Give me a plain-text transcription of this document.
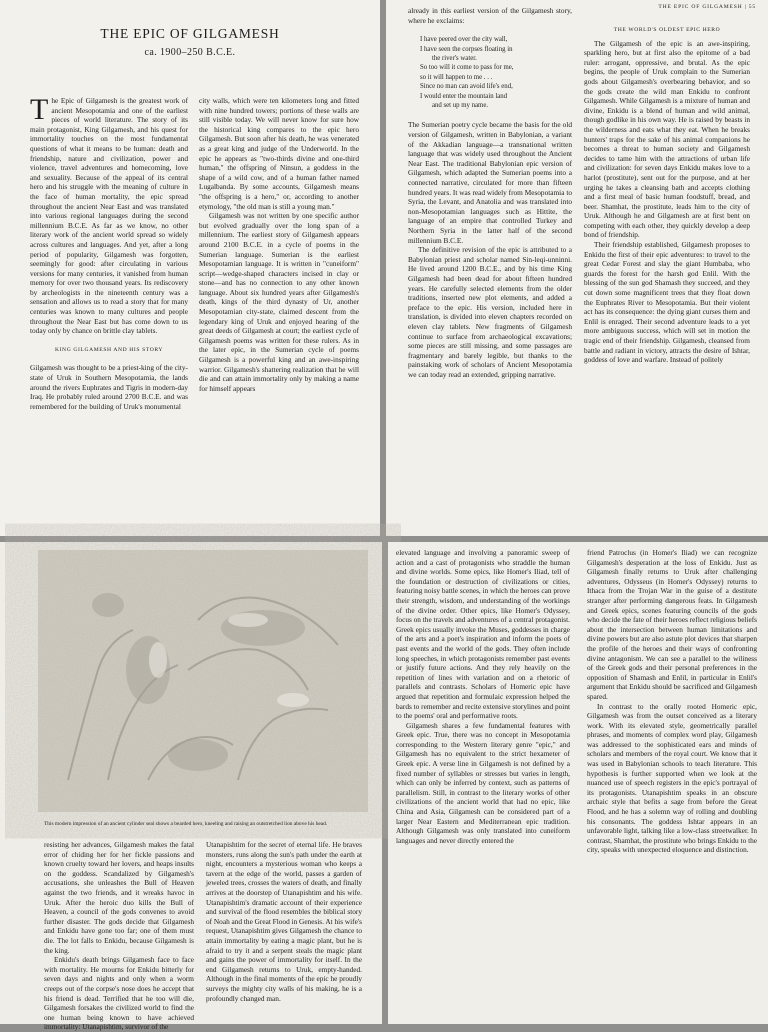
THE EPIC OF GILGAMESH
ca. 1900–250 B.C.E.

The Epic of Gilgamesh is the greatest work of ancient Mesopotamia and one of the earliest pieces of world literature. The story of its main protagonist, King Gilgamesh, and his quest for immortality touches on the most fundamental questions of what it means to be human: death and friendship, nature and civilization, power and violence, travel adventures and homecoming, love and sexuality. Because of the appeal of its central hero and his struggle with the meaning of culture in the face of human mortality, the epic spread throughout the ancient Near East and was translated into various regional languages during the second millennium B.C.E. As far as we know, no other literary work of the ancient world spread so widely across cultures and languages. And yet, after a long period of popularity, Gilgamesh was forgotten, seemingly for good: after circulating in various versions for many centuries, it vanished from human memory for over two thousand years. Its rediscovery by archeologists in the nineteenth century was a sensation and allows us to read a story that for many centuries was known to many cultures and people throughout the Near East but has come down to us today only by chance on brittle clay tablets.

KING GILGAMESH AND HIS STORY

Gilgamesh was thought to be a priest-king of the city-state of Uruk in Southern Mesopotamia, the lands around the rivers Euphrates and Tigris in modern-day Iraq. He probably ruled around 2700 B.C.E. and was remembered for the building of Uruk's monumental

city walls, which were ten kilometers long and fitted with nine hundred towers; portions of these walls are still visible today. We will never know for sure how the historical king compares to the epic hero Gilgamesh. But soon after his death, he was venerated as a great king and judge of the Underworld. In the epic he appears as "two-thirds divine and one-third human," the offspring of Ninsun, a goddess in the shape of a wild cow, and of a human father named Lugalbanda. By some accounts, Gilgamesh means "the offspring is a hero," or, according to another etymology, "the old man is still a young man."

Gilgamesh was not written by one specific author but evolved gradually over the long span of a millennium. The earliest story of Gilgamesh appears around 2100 B.C.E. in a cycle of poems in the Sumerian language. Sumerian is the earliest Mesopotamian language. It is written in "cuneiform" script—wedge-shaped characters incised in clay or stone—and has no connection to any other known language. About six hundred years after Gilgamesh's death, kings of the third dynasty of Ur, another Mesopotamian city-state, claimed descent from the legendary king of Uruk and enjoyed hearing of the great deeds of Gilgamesh at court; the earliest cycle of Gilgamesh poems was written for these rulers. As in the later epic, in the Sumerian cycle of poems Gilgamesh is a powerful king and an awe-inspiring warrior. Gilgamesh's shattering realization that he will die and can attain immortality only by making a name for himself appears

THE EPIC OF GILGAMESH | 55

already in this earliest version of the Gilgamesh story, where he exclaims:

I have peered over the city wall,
I have seen the corpses floating in
the river's water.
So too will it come to pass for me,
so it will happen to me . . .
Since no man can avoid life's end,
I would enter the mountain land
and set up my name.

The Sumerian poetry cycle became the basis for the old version of Gilgamesh, written in Babylonian, a variant of the Akkadian language—a transnational written language that was widely used throughout the Ancient Near East. The traditional Babylonian epic version of Gilgamesh, which adapted the Sumerian poems into a connected narrative, circulated for more than fifteen hundred years. It was read widely from Mesopotamia to Syria, the Levant, and Anatolia and was translated into non-Mesopotamian languages such as Hittite, the language of an empire that controlled Turkey and Northern Syria in the latter half of the second millennium B.C.E.

The definitive revision of the epic is attributed to a Babylonian priest and scholar named Sin-leqi-unninni. He lived around 1200 B.C.E., and by his time King Gilgamesh had been dead for about fifteen hundred years. He carefully selected elements from the older traditions, inserted new plot elements, and added a preface to the epic. His version, included here in translation, is divided into eleven chapters recorded on eleven clay tablets. New fragments of Gilgamesh continue to surface from archaeological excavations; some pieces are still missing, and some passages are fragmentary and barely legible, but thanks to the painstaking work of scholars of Ancient Mesopotamia we can today read an extended, gripping narrative.

THE WORLD'S OLDEST EPIC HERO

The Gilgamesh of the epic is an awe-inspiring, sparkling hero, but at first also the epitome of a bad ruler: arrogant, oppressive, and brutal. As the epic begins, the people of Uruk complain to the Sumerian gods about Gilgamesh's overbearing behavior, and so the gods create the wild man Enkidu to confront Gilgamesh. While Gilgamesh is a mixture of human and divine, Enkidu is a blend of human and wild animal, though godlike in his own way. He is raised by beasts in the wilderness and eats what they eat. When he breaks hunters' traps for the sake of his animal companions he becomes a threat to human society and Gilgamesh decides to tame him with the attractions of urban life and civilization: for seven days Enkidu makes love to a harlot (prostitute), sent out for the purpose, and at her urging he takes a cleansing bath and accepts clothing and a first meal of basic human foodstuff, bread, and beer. Shamhat, the prostitute, leads him to the city of Uruk. Although he and Gilgamesh are at first bent on competing with each other, they quickly develop a deep bond of friendship.

Their friendship established, Gilgamesh proposes to Enkidu the first of their epic adventures: to travel to the great Cedar Forest and slay the giant Humbaba, who guards the forest for the harsh god Enlil. With the blessing of the sun god Shamash they succeed, and they cut down some magnificent trees that they float down the Euphrates River to Mesopotamia. But their violent act has its consequence: the dying giant curses them and Enlil is enraged. Their second adventure leads to a yet more ambiguous success, which will set in motion the tragic end of their friendship. Gilgamesh, cleansed from battle and radiant in victory, attracts the desire of Ishtar, goddess of love and warfare. Instead of politely

This modern impression of an ancient cylinder seal shows a bearded hero, kneeling and raising an outstretched lion above his head.

resisting her advances, Gilgamesh makes the fatal error of chiding her for her fickle passions and known cruelty toward her lovers, and heaps insults on the goddess. Scandalized by Gilgamesh's accusations, she unleashes the Bull of Heaven against the two friends, and it wreaks havoc in Uruk. After the heroic duo kills the Bull of Heaven, a council of the gods convenes to avoid further disaster. The gods decide that Gilgamesh and Enkidu have gone too far; one of them must die. The lot falls to Enkidu, because Gilgamesh is the king.

Enkidu's death brings Gilgamesh face to face with mortality. He mourns for Enkidu bitterly for seven days and nights and only when a worm creeps out of the corpse's nose does he accept that his friend is dead. Terrified that he too will die, Gilgamesh forsakes the civilized world to find the one human being known to have achieved immortality: Utanapishtim, survivor of the

Utanapishtim for the secret of eternal life. He braves monsters, runs along the sun's path under the earth at night, encounters a mysterious woman who keeps a tavern at the edge of the world, passes a garden of jeweled trees, crosses the waters of death, and finally arrives at the doorstep of Utanapishtim and his wife. Utanapishtim's dramatic account of their experience and survival of the flood resembles the biblical story of Noah and the Great Flood in Genesis. At his wife's request, Utanapishtim gives Gilgamesh the chance to attain immortality by eating a magic plant, but he is afraid to try it and a serpent steals the magic plant and gains the power of immortality for itself. In the end Gilgamesh returns to Uruk, empty-handed. Although in the final moments of the epic he proudly surveys the mighty city walls of his making, he is a profoundly changed man.

elevated language and involving a panoramic sweep of action and a cast of protagonists who straddle the human and divine worlds. Some epics, like Homer's Iliad, tell of the foundation or destruction of civilizations or cities, featuring noisy battle scenes, in which the heroes can prove their strength, wisdom, and understanding of the workings of the divine order. Other epics, like Homer's Odyssey, focus on the travels and adventures of a central protagonist. Greek epics usually invoke the Muses, goddesses in charge of the arts and a poet's inspiration and inform the poets of past events and the world of the gods. They often include long speeches, in which protagonists remember past events or justify future actions. And they rely heavily on the repetition of lines with variation and on a rhetoric of parallels and contrasts. Scholars of Homeric epic have argued that repetition and formulaic expression helped the bards to remember and recite extensive storylines and point to the poems' oral and performative roots.

Gilgamesh shares a few fundamental features with Greek epic. True, there was no concept in Mesopotamia corresponding to the Western literary genre "epic," and Gilgamesh has no equivalent to the strict hexameter of Greek epic. A verse line in Gilgamesh is not defined by a fixed number of syllables or stresses but varies in length, which can only be inferred by context, such as patterns of parallelism. Still, in contrast to the literary works of other civilizations of the ancient world that had no epic, like China and Asia, Gilgamesh can be considered part of a larger Near Eastern and Mediterranean epic tradition. Although Gilgamesh was only translated into cuneiform languages and never directly entered the

friend Patroclus (in Homer's Iliad) we can recognize Gilgamesh's desperation at the loss of Enkidu. Just as Gilgamesh finally returns to Uruk after challenging adventures, Odysseus (in Homer's Odyssey) returns to Ithaca from the Trojan War in the guise of a destitute stranger after performing dangerous feats. In Gilgamesh and Greek epics, scenes featuring councils of the gods who decide the fate of their heroes reflect religious beliefs about the intersection between human limitations and divine powers but are also astute plot devices that sharpen the profile of the heroes and their ways of confronting divine antagonism. We can see a parallel to the wiliness of the Greek gods and their personal preferences in the opposition of Shamash and Enlil, in particular in Enlil's argument that Enkidu should be sacrificed and Gilgamesh spared.

In contrast to the orally rooted Homeric epic, Gilgamesh was from the outset conceived as a literary work. With its elevated style, geometrically parallel phrases, and moments of complex word play, Gilgamesh was addressed to the sophisticated ears and minds of scholars and members of the royal court. We know that it was used in Babylonian schools to teach literature. This hypothesis is further supported when we look at the nuanced use of speech registers in the epic's portrayal of its protagonists. Utanapishtim speaks in an obscure archaic style that befits a sage from before the Great Flood, and he has a solemn way of rolling and doubling his consonants. The goddess Ishtar appears in an unfavorable light, talking like a low-class streetwalker. In contrast, Shamhat, the prostitute who brings Enkidu to the city, speaks with unexpected eloquence and distinction.
